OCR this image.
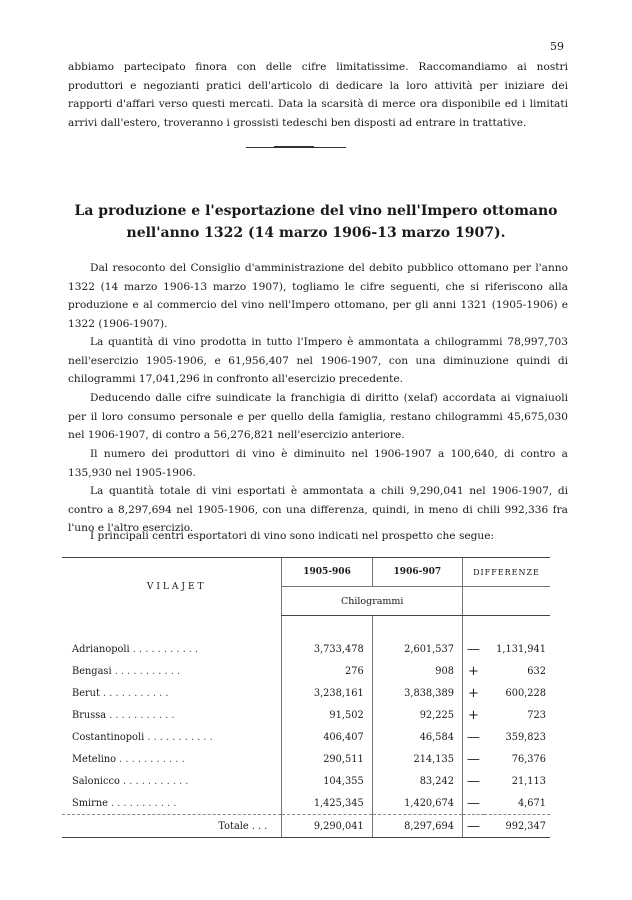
59

abbiamo partecipato finora con delle cifre limitatissime. Raccomandiamo ai nostri produttori e negozianti pratici dell'articolo di dedicare la loro attività per iniziare dei rapporti d'affari verso questi mercati. Data la scarsità di merce ora disponibile ed i limitati arrivi dall'estero, troveranno i grossisti tedeschi ben disposti ad entrare in trattative.

La produzione e l'esportazione del vino nell'Impero ottomano
nell'anno 1322 (14 marzo 1906-13 marzo 1907).

Dal resoconto del Consiglio d'amministrazione del debito pubblico ottomano per l'anno 1322 (14 marzo 1906-13 marzo 1907), togliamo le cifre seguenti, che si riferiscono alla produzione e al commercio del vino nell'Impero ottomano, per gli anni 1321 (1905-1906) e 1322 (1906-1907).

La quantità di vino prodotta in tutto l'Impero è ammontata a chilogrammi 78,997,703 nell'esercizio 1905-1906, e 61,956,407 nel 1906-1907, con una diminuzione quindi di chilogrammi 17,041,296 in confronto all'esercizio precedente.

Deducendo dalle cifre suindicate la franchigia di diritto (xelaf) accordata ai vignaiuoli per il loro consumo personale e per quello della famiglia, restano chilogrammi 45,675,030 nel 1906-1907, di contro a 56,276,821 nell'esercizio anteriore.

Il numero dei produttori di vino è diminuito nel 1906-1907 a 100,640, di contro a 135,930 nel 1905-1906.

La quantità totale di vini esportati è ammontata a chili 9,290,041 nel 1906-1907, di contro a 8,297,694 nel 1905-1906, con una differenza, quindi, in meno di chili 992,336 fra l'uno e l'altro esercizio.

I principali centri esportatori di vino sono indicati nel prospetto che segue:

VILAJET	1905-906	1906-907	DIFFERENZE	
	Chilogrammi			

Adrianopoli . . .	3,733,478	2,601,537	—	1,131,941
Bengasi . . .	276	908	+	632
Berut . . .	3,238,161	3,838,389	+	600,228
Brussa . . .	91,502	92,225	+	723
Costantinopoli . . .	406,407	46,584	—	359,823
Metelino . . .	290,511	214,135	—	76,376
Salonicco . . .	104,355	83,242	—	21,113
Smirne . . .	1,425,345	1,420,674	—	4,671
Totale . . .	9,290,041	8,297,694	—	992,347
